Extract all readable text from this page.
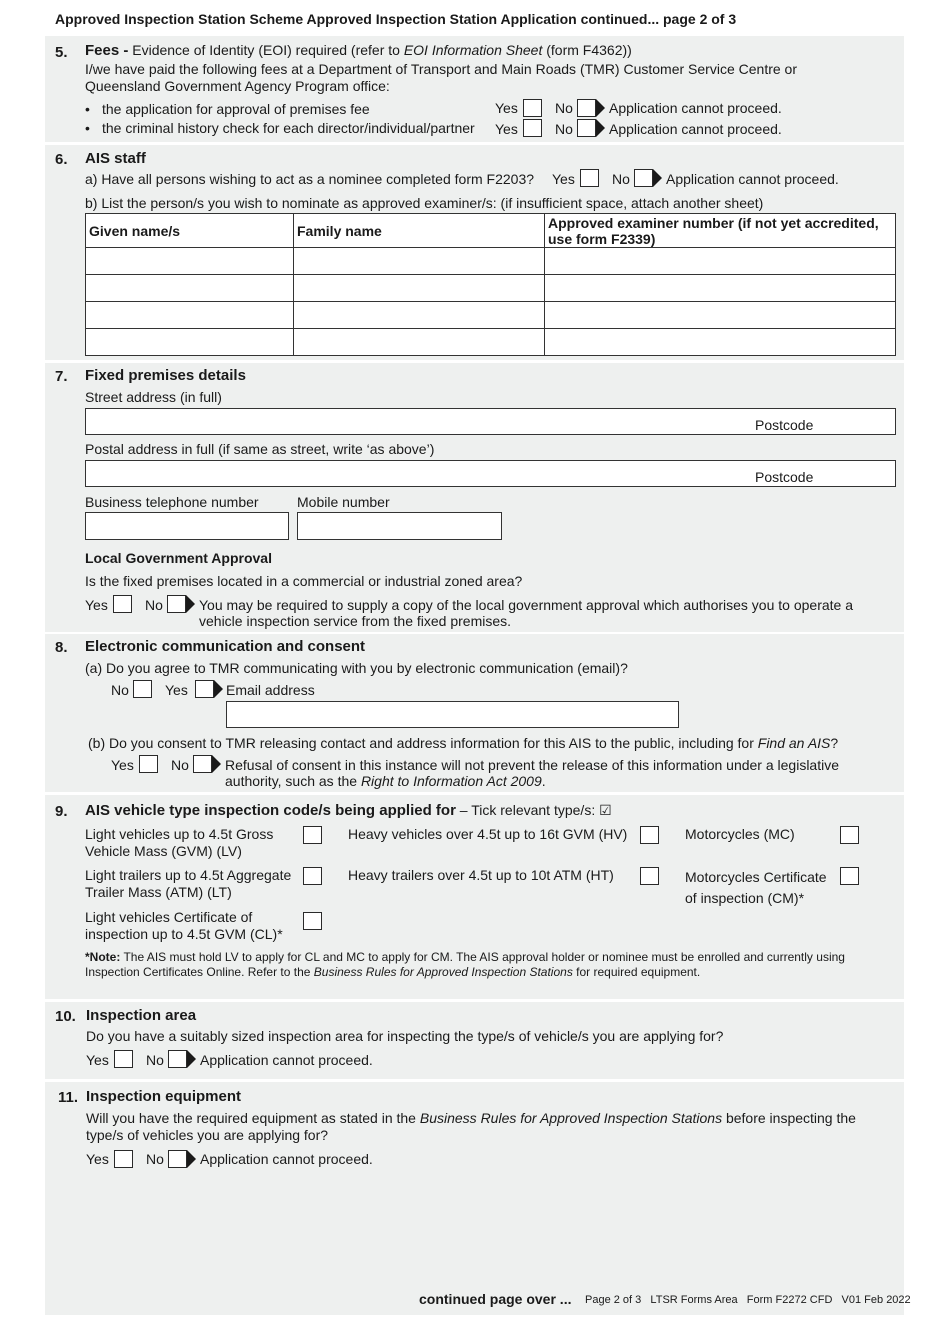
Approved Inspection Station Scheme Approved Inspection Station Application continued... page 2 of 3
5. Fees - Evidence of Identity (EOI) required (refer to EOI Information Sheet (form F4362))
I/we have paid the following fees at a Department of Transport and Main Roads (TMR) Customer Service Centre or Queensland Government Agency Program office:
• the application for approval of premises fee	Yes	No	Application cannot proceed.
• the criminal history check for each director/individual/partner Yes	No	Application cannot proceed.
6. AIS staff
a) Have all persons wishing to act as a nominee completed form F2203? Yes	No	Application cannot proceed.
b) List the person/s you wish to nominate as approved examiner/s: (if insufficient space, attach another sheet)
Given name/s	Family name	Approved examiner number (if not yet accredited, use form F2339)

7. Fixed premises details
Street address (in full)
Postcode
Postal address in full (if same as street, write ‘as above’)
Postcode
Business telephone number	Mobile number
Local Government Approval
Is the fixed premises located in a commercial or industrial zoned area?
Yes	No	You may be required to supply a copy of the local government approval which authorises you to operate a vehicle inspection service from the fixed premises.
8. Electronic communication and consent
(a) Do you agree to TMR communicating with you by electronic communication (email)?
No	Yes	Email address
(b) Do you consent to TMR releasing contact and address information for this AIS to the public, including for Find an AIS?
Yes	No	Refusal of consent in this instance will not prevent the release of this information under a legislative authority, such as the Right to Information Act 2009.
9. AIS vehicle type inspection code/s being applied for – Tick relevant type/s: ☑
Light vehicles up to 4.5t Gross Vehicle Mass (GVM) (LV)
Heavy vehicles over 4.5t up to 16t GVM (HV)	Motorcycles (MC)
Light trailers up to 4.5t Aggregate Trailer Mass (ATM) (LT)
Heavy trailers over 4.5t up to 10t ATM (HT)	Motorcycles Certificate of inspection (CM)*
Light vehicles Certificate of inspection up to 4.5t GVM (CL)*
*Note: The AIS must hold LV to apply for CL and MC to apply for CM. The AIS approval holder or nominee must be enrolled and currently using Inspection Certificates Online. Refer to the Business Rules for Approved Inspection Stations for required equipment.
10. Inspection area
Do you have a suitably sized inspection area for inspecting the type/s of vehicle/s you are applying for?
Yes	No	Application cannot proceed.
11. Inspection equipment
Will you have the required equipment as stated in the Business Rules for Approved Inspection Stations before inspecting the type/s of vehicles you are applying for?
Yes	No	Application cannot proceed.
continued page over ... Page 2 of 3   LTSR Forms Area   Form F2272 CFD   V01 Feb 2022
